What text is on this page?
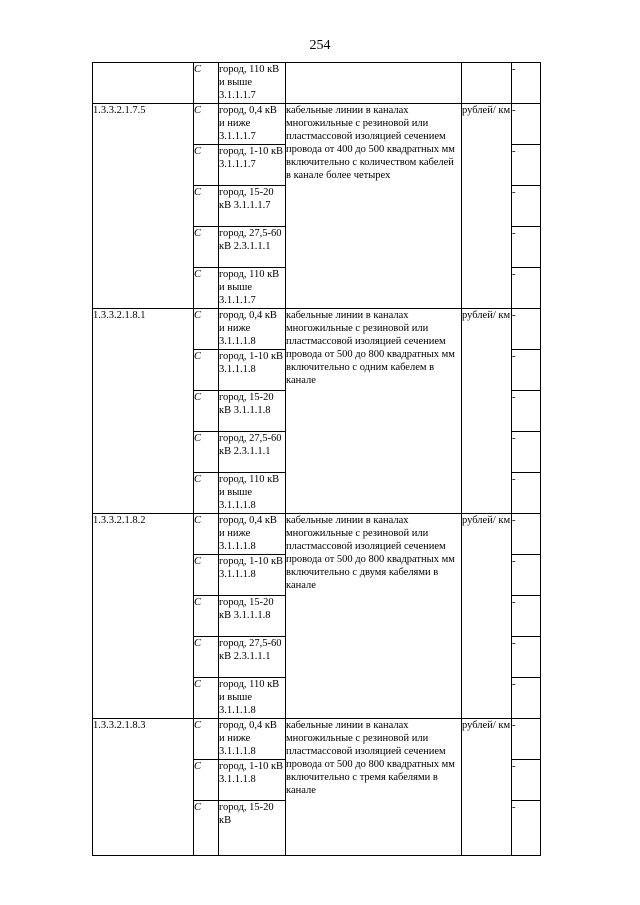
254
	С	город, 110 кВ и выше 3.1.1.1.7			-
1.3.3.2.1.7.5	С	город, 0,4 кВ и ниже 3.1.1.1.7	кабельные линии в каналах многожильные с резиновой или пластмассовой изоляцией сечением провода от 400 до 500 квадратных мм включительно с количеством кабелей в канале более четырех	рублей/ км	-
	С	город, 1-10 кВ 3.1.1.1.7			-
	С	город, 15-20 кВ 3.1.1.1.7			-
	С	город, 27,5-60 кВ 2.3.1.1.1			-
	С	город, 110 кВ и выше 3.1.1.1.7			-
1.3.3.2.1.8.1	С	город, 0,4 кВ и ниже 3.1.1.1.8	кабельные линии в каналах многожильные с резиновой или пластмассовой изоляцией сечением провода от 500 до 800 квадратных мм включительно с одним кабелем в канале	рублей/ км	-
	С	город, 1-10 кВ 3.1.1.1.8			-
	С	город, 15-20 кВ 3.1.1.1.8			-
	С	город, 27,5-60 кВ 2.3.1.1.1			-
	С	город, 110 кВ и выше 3.1.1.1.8			-
1.3.3.2.1.8.2	С	город, 0,4 кВ и ниже 3.1.1.1.8	кабельные линии в каналах многожильные с резиновой или пластмассовой изоляцией сечением провода от 500 до 800 квадратных мм включительно с двумя кабелями в канале	рублей/ км	-
	С	город, 1-10 кВ 3.1.1.1.8			-
	С	город, 15-20 кВ 3.1.1.1.8			-
	С	город, 27,5-60 кВ 2.3.1.1.1			-
	С	город, 110 кВ и выше 3.1.1.1.8			-
1.3.3.2.1.8.3	С	город, 0,4 кВ и ниже 3.1.1.1.8	кабельные линии в каналах многожильные с резиновой или пластмассовой изоляцией сечением провода от 500 до 800 квадратных мм включительно с тремя кабелями в канале	рублей/ км	-
	С	город, 1-10 кВ 3.1.1.1.8			-
	С	город, 15-20 кВ			-
